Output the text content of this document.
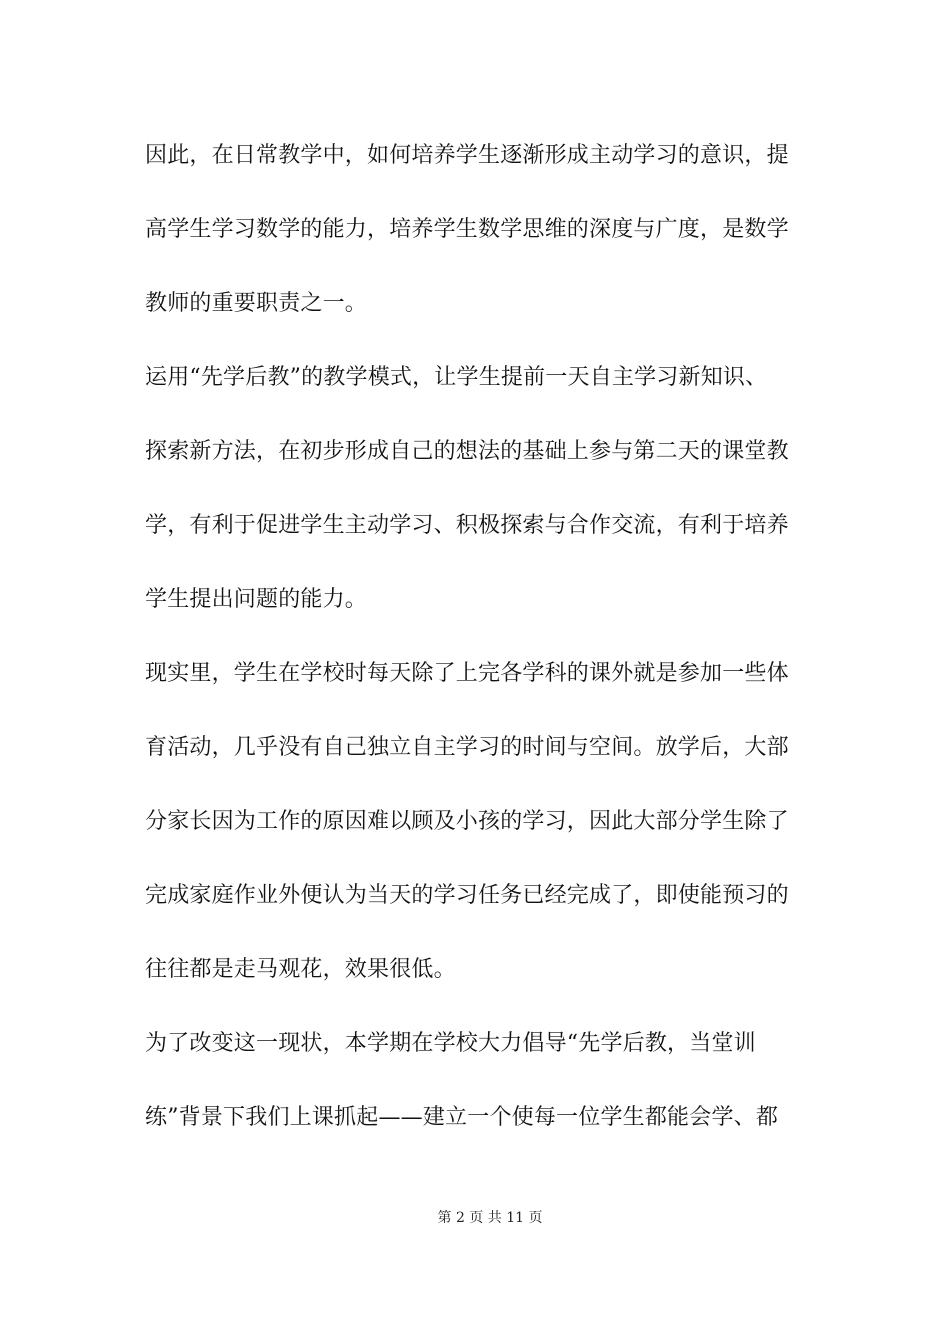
因此，在日常教学中，如何培养学生逐渐形成主动学习的意识，提
高学生学习数学的能力，培养学生数学思维的深度与广度，是数学
教师的重要职责之一。
运用“先学后教”的教学模式，让学生提前一天自主学习新知识、
探索新方法，在初步形成自己的想法的基础上参与第二天的课堂教
学，有利于促进学生主动学习、积极探索与合作交流，有利于培养
学生提出问题的能力。
现实里，学生在学校时每天除了上完各学科的课外就是参加一些体
育活动，几乎没有自己独立自主学习的时间与空间。放学后，大部
分家长因为工作的原因难以顾及小孩的学习，因此大部分学生除了
完成家庭作业外便认为当天的学习任务已经完成了，即使能预习的
往往都是走马观花，效果很低。
为了改变这一现状，本学期在学校大力倡导“先学后教，当堂训
练”背景下我们上课抓起——建立一个使每一位学生都能会学、都
第 2 页 共 11 页
